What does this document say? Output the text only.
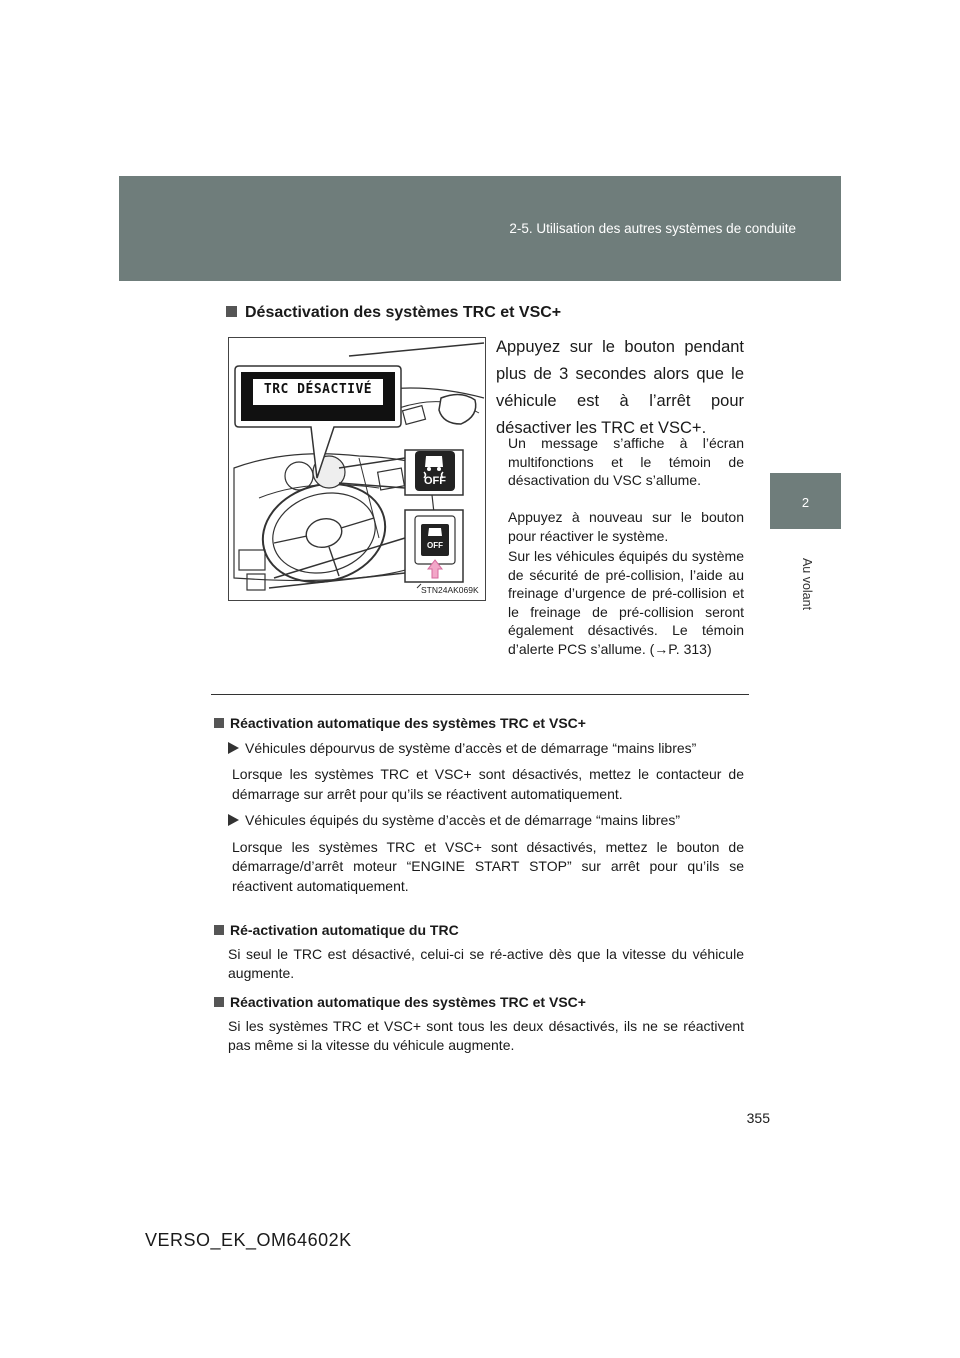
2-5. Utilisation des autres systèmes de conduite
2
Au volant
Désactivation des systèmes TRC et VSC+
TRC DÉSACTIVÉ
OFF
OFF
STN24AK069K

Appuyez sur le bouton pendant plus de 3 secondes alors que le véhicule est à l’arrêt pour désactiver les TRC et VSC+.

Un message s’affiche à l’écran multifonctions et le témoin de désactivation du VSC s’allume.

Appuyez à nouveau sur le bouton pour réactiver le système.

Sur les véhicules équipés du système de sécurité de pré-collision, l’aide au freinage d’urgence de pré-collision et le freinage de pré-collision seront également désactivés. Le témoin d’alerte PCS s’allume. (→P. 313)

Réactivation automatique des systèmes TRC et VSC+

Véhicules dépourvus de système d’accès et de démarrage “mains libres”

Lorsque les systèmes TRC et VSC+ sont désactivés, mettez le contacteur de démarrage sur arrêt pour qu’ils se réactivent automatiquement.

Véhicules équipés du système d’accès et de démarrage “mains libres”

Lorsque les systèmes TRC et VSC+ sont désactivés, mettez le bouton de démarrage/d’arrêt moteur “ENGINE START STOP” sur arrêt pour qu’ils se réactivent automatiquement.

Ré-activation automatique du TRC

Si seul le TRC est désactivé, celui-ci se ré-active dès que la vitesse du véhicule augmente.

Réactivation automatique des systèmes TRC et VSC+

Si les systèmes TRC et VSC+ sont tous les deux désactivés, ils ne se réactivent pas même si la vitesse du véhicule augmente.

355
VERSO_EK_OM64602K
